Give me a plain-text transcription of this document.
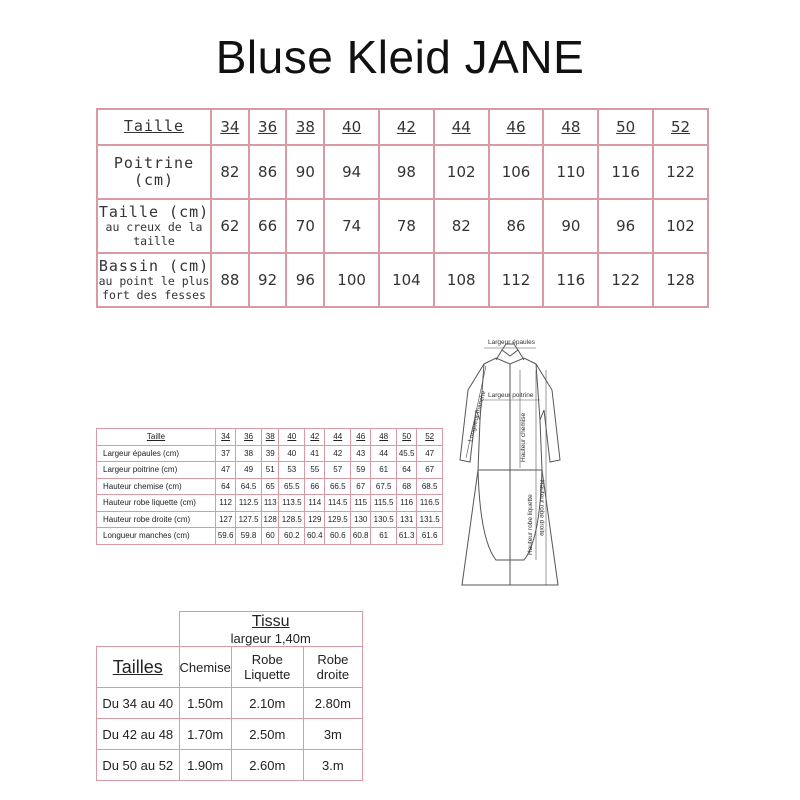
Bluse Kleid JANE
Taille	34	36	38	40	42	44	46	48	50	52

Poitrine
(cm)	82	86	90	94	98	102	106	110	116	122

Taille (cm)
au creux de la taille	62	66	70	74	78	82	86	90	96	102

Bassin (cm)
au point le plus fort des fesses	88	92	96	100	104	108	112	116	122	128
Largeur épaules
Largeur poitrine
Longueur manche	Hauteur chemise
Hauteur robe liquette Hauteur robe droite
Taille	34	36	38	40	42	44	46	48	50	52
Largeur épaules (cm)	37	38	39	40	41	42	43	44	45.5	47
Largeur poitrine (cm)	47	49	51	53	55	57	59	61	64	67
Hauteur chemise (cm)	64	64.5	65	65.5	66	66.5	67	67.5	68	68.5
Hauteur robe liquette (cm)	112	112.5	113	113.5	114	114.5	115	115.5	116	116.5
Hauteur robe droite (cm)	127	127.5	128	128.5	129	129.5	130	130.5	131	131.5
Longueur manches (cm)	59.6	59.8	60	60.2	60.4	60.6	60.8	61	61.3	61.6

	Tissu
largeur 1,40m		

Tailles	Chemise	Robe Liquette	Robe droite
Du 34 au 40	1.50m	2.10m	2.80m
Du 42 au 48	1.70m	2.50m	3m
Du 50 au 52	1.90m	2.60m	3.m
